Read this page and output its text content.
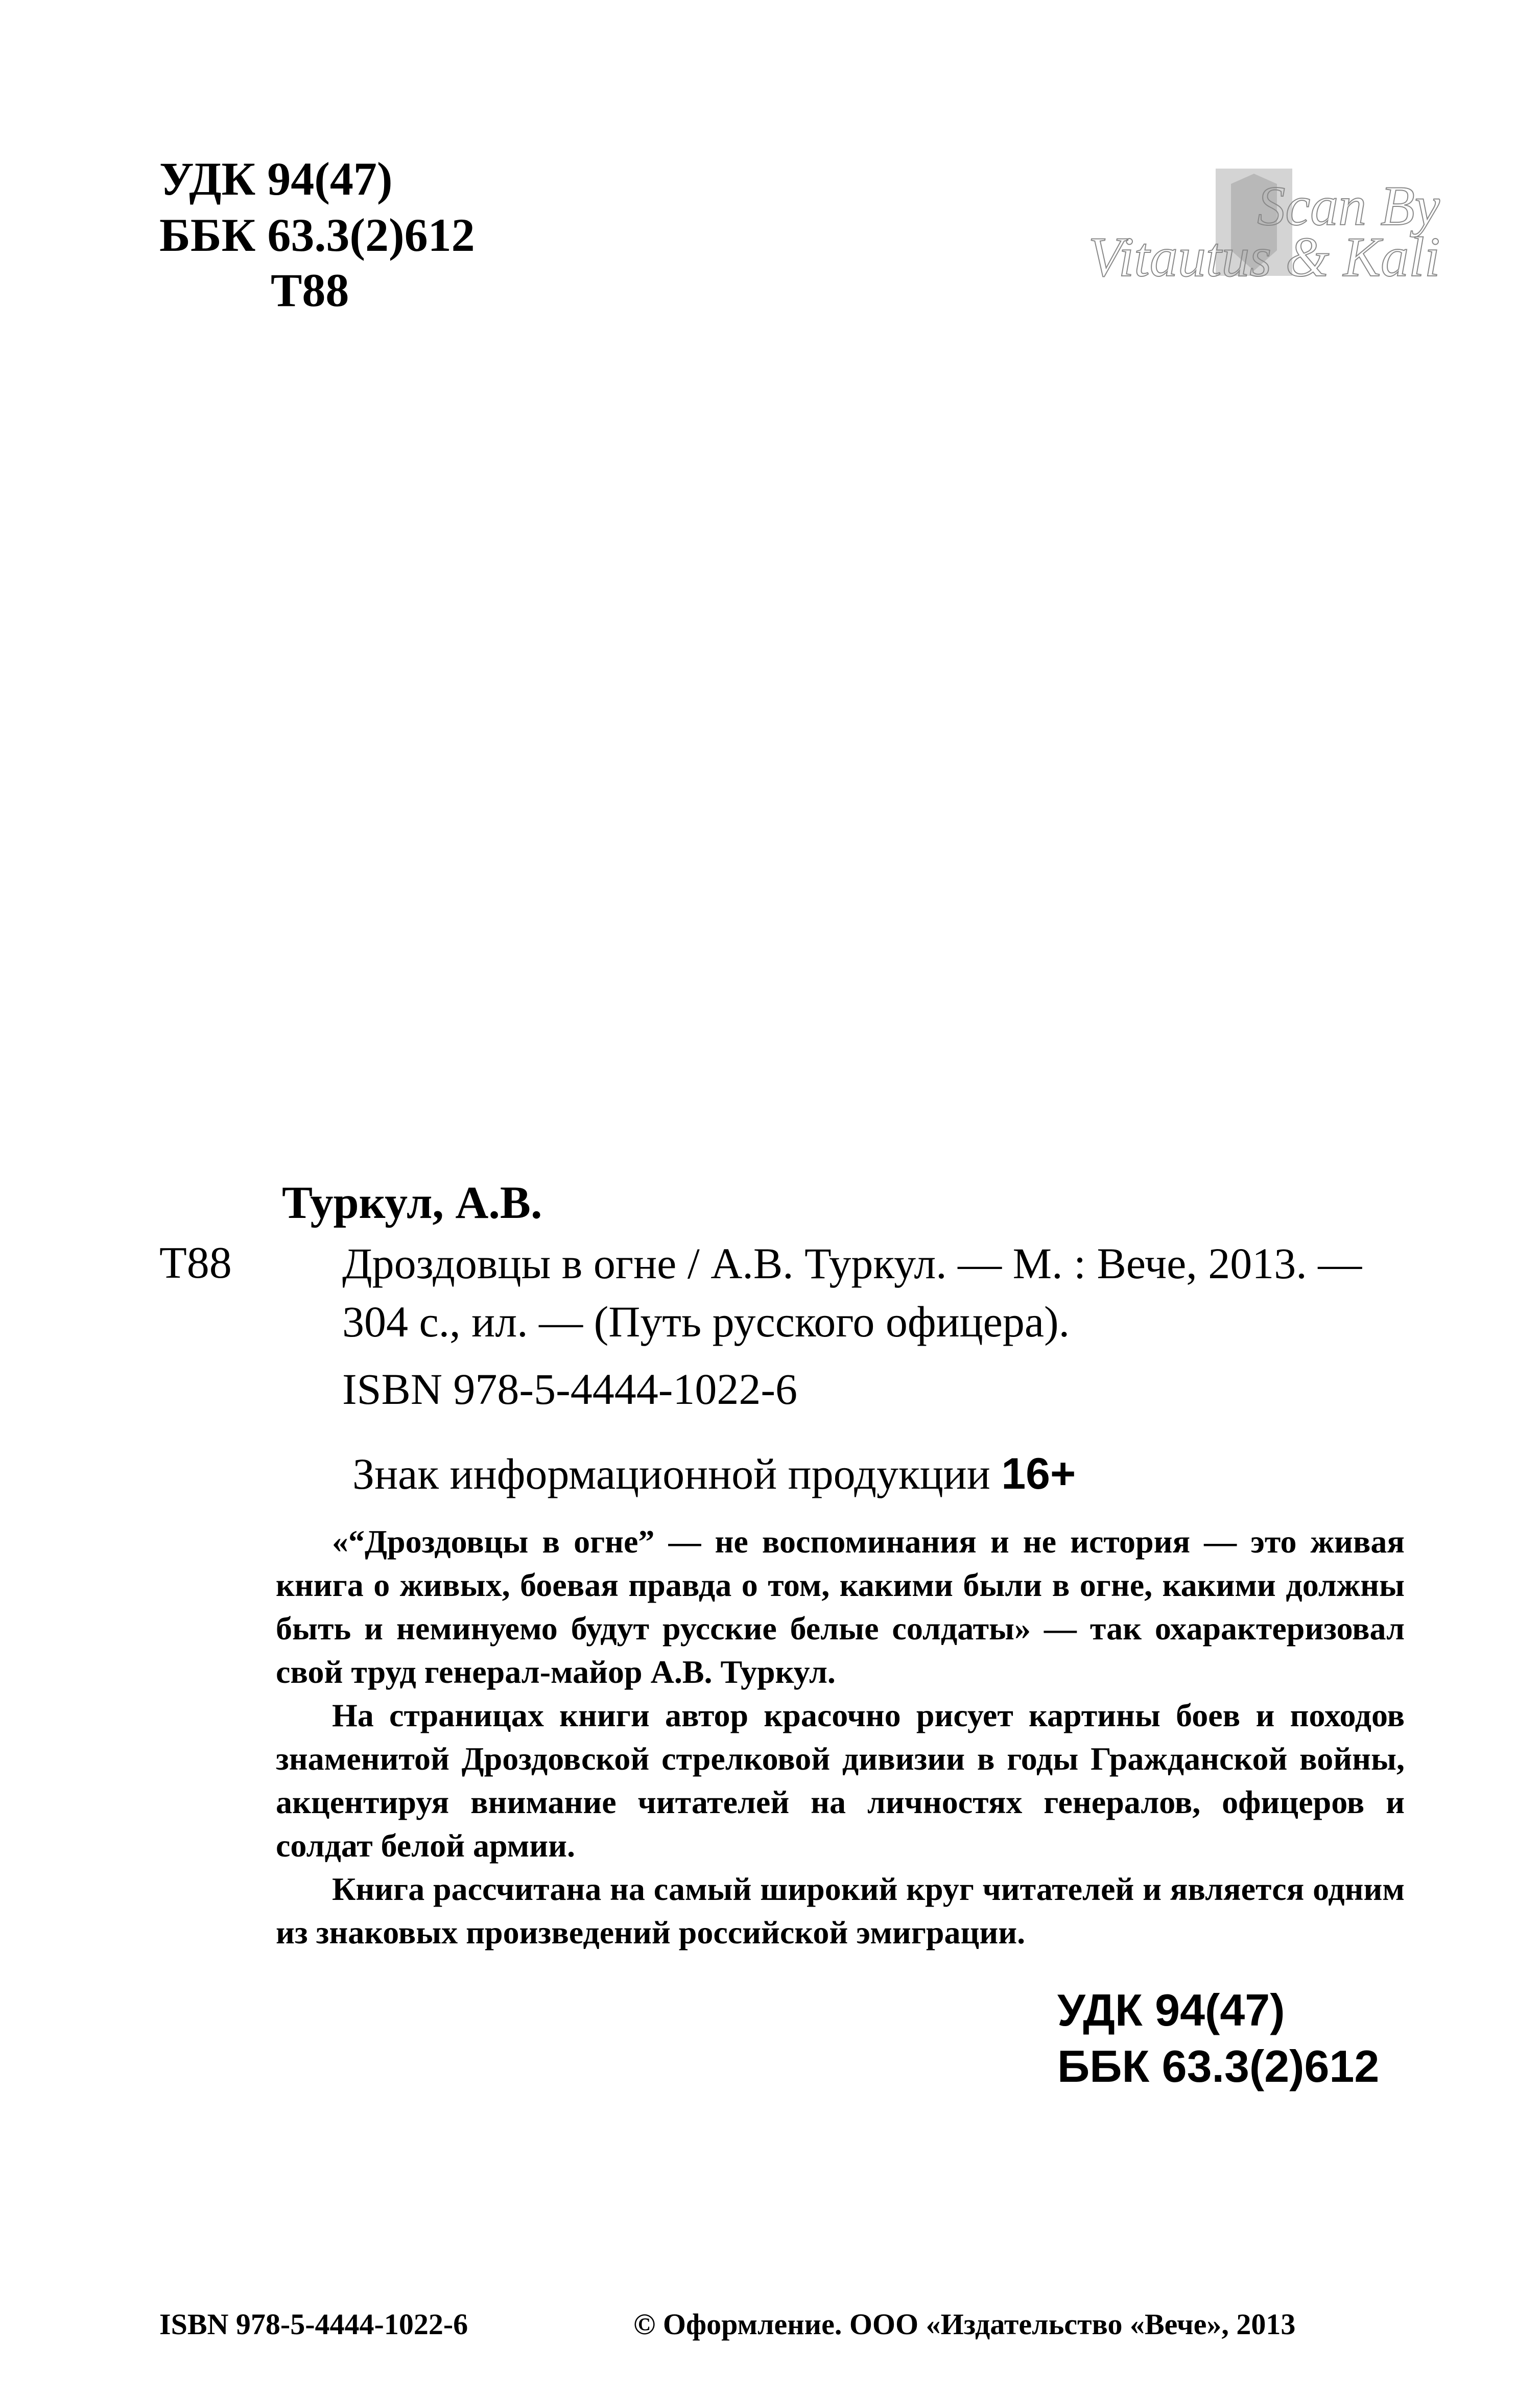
УДК 94(47)
ББК 63.3(2)612
Т88
Scan By
Vitautus & Kali
Туркул, А.В.
Т88	Дроздовцы в огне / А.В. Туркул. — М. : Вече, 2013. —
304 с., ил. — (Путь русского офицера).
ISBN 978-5-4444-1022-6
Знак информационной продукции 16+

«“Дроздовцы в огне” — не воспоминания и не история — это живая книга о живых, боевая правда о том, какими были в огне, какими должны быть и неминуемо будут русские белые солдаты» — так охарактеризовал свой труд генерал-майор А.В. Туркул.

На страницах книги автор красочно рисует картины боев и походов знаменитой Дроздовской стрелковой дивизии в годы Гражданской войны, акцентируя внимание читателей на личностях генералов, офицеров и солдат белой армии.

Книга рассчитана на самый широкий круг читателей и является одним из знаковых произведений российской эмиграции.

УДК 94(47)
ББК 63.3(2)612
ISBN 978-5-4444-1022-6	© Оформление. ООО «Издательство «Вече», 2013
